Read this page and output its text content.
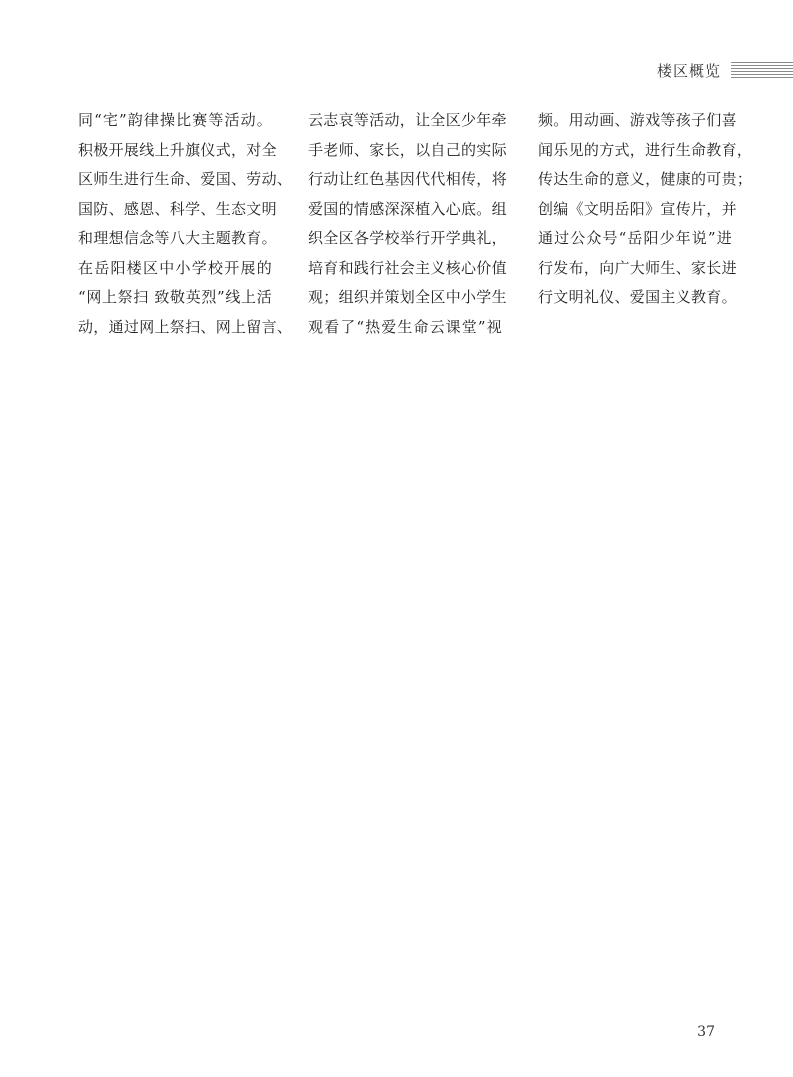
楼区概览
同“宅”韵律操比赛等活动。
积极开展线上升旗仪式，对全
区师生进行生命、爱国、劳动、
国防、感恩、科学、生态文明
和理想信念等八大主题教育。
在岳阳楼区中小学校开展的
“网上祭扫 致敬英烈”线上活
动，通过网上祭扫、网上留言、
云志哀等活动，让全区少年牵
手老师、家长，以自己的实际
行动让红色基因代代相传，将
爱国的情感深深植入心底。组
织全区各学校举行开学典礼，
培育和践行社会主义核心价值
观；组织并策划全区中小学生
观看了“热爱生命云课堂”视
频。用动画、游戏等孩子们喜
闻乐见的方式，进行生命教育，
传达生命的意义，健康的可贵；
创编《文明岳阳》宣传片，并
通过公众号“岳阳少年说”进
行发布，向广大师生、家长进
行文明礼仪、爱国主义教育。
37
